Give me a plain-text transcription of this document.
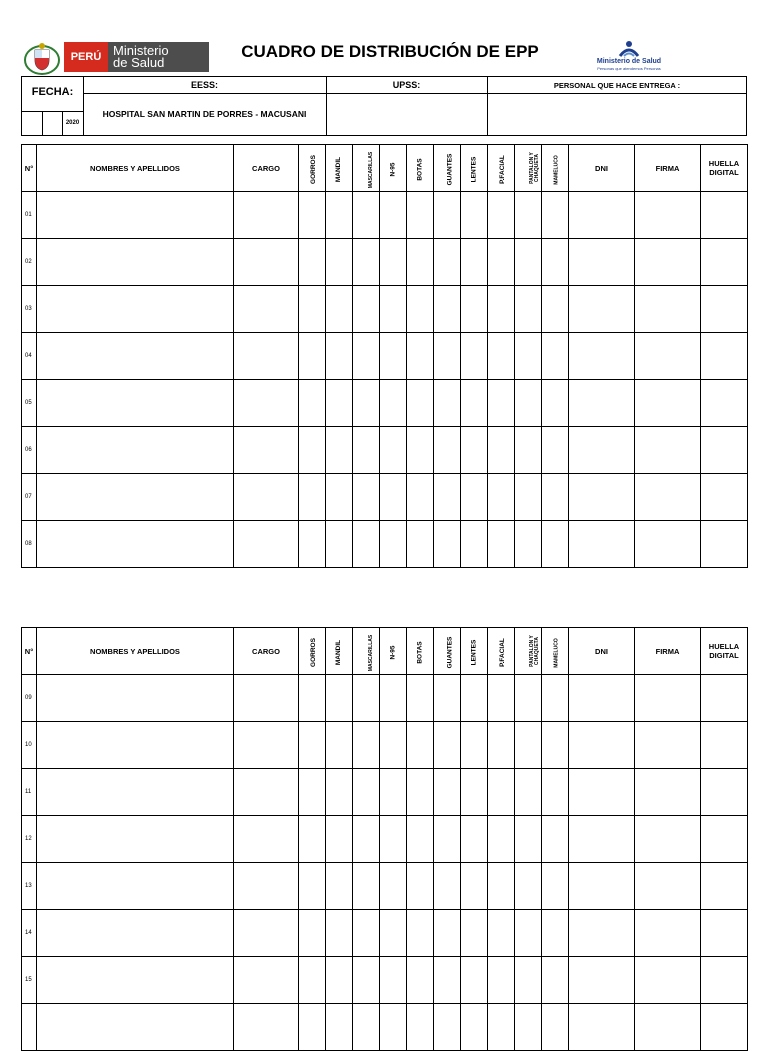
PERÚ Ministerio
de Salud
CUADRO DE DISTRIBUCIÓN DE EPP
Ministerio de Salud
Personas que atendemos Personas
FECHA:
2020
EESS:
HOSPITAL SAN MARTIN DE PORRES - MACUSANI
UPSS:	PERSONAL QUE HACE ENTREGA :
N°	NOMBRES Y APELLIDOS	CARGO	GORROS	MANDIL	MASCARILLAS	N-95	BOTAS	GUANTES	LENTES	P.FACIAL	PANTALON Y CHAQUETA	MAMELUCO	DNI	FIRMA	HUELLA DIGITAL
01															
02															
03															
04															
05															
06															
07															
08															
N°	NOMBRES Y APELLIDOS	CARGO	GORROS	MANDIL	MASCARILLAS	N-95	BOTAS	GUANTES	LENTES	P.FACIAL	PANTALON Y CHAQUETA	MAMELUCO	DNI	FIRMA	HUELLA DIGITAL
09															
10															
11															
12															
13															
14															
15															
